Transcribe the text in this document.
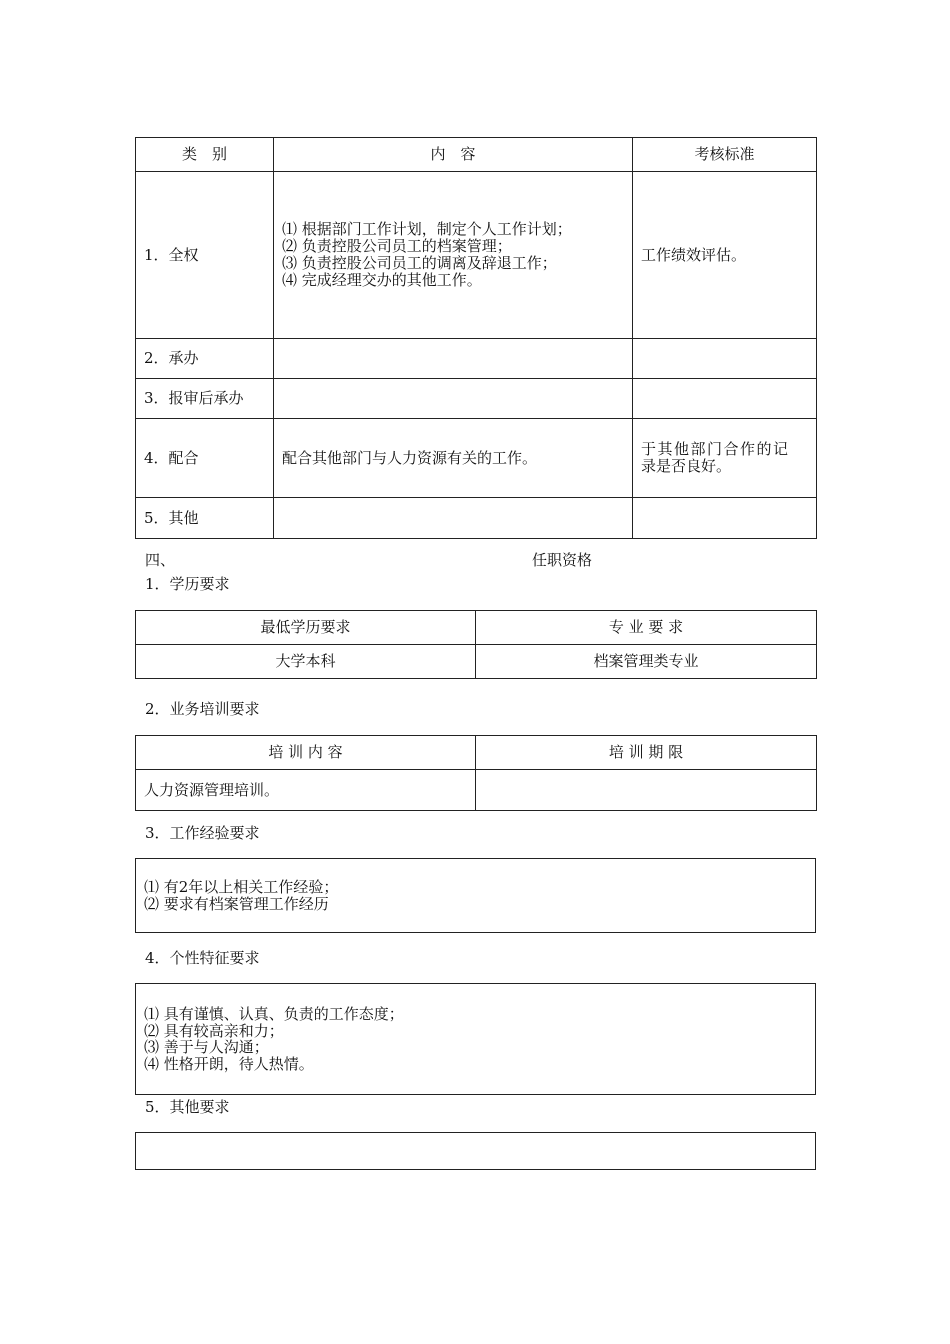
类　别	内　容	考核标准
1．全权	⑴ 根据部门工作计划，制定个人工作计划；
⑵ 负责控股公司员工的档案管理；
⑶ 负责控股公司员工的调离及辞退工作；
⑷ 完成经理交办的其他工作。	工作绩效评估。

2．承办		
3．报审后承办		
4．配合	配合其他部门与人力资源有关的工作。	于其他部门合作的记
录是否良好。

5．其他		
四、	任职资格
1．学历要求
最低学历要求	专 业 要 求
大学本科	档案管理类专业
2．业务培训要求
培 训 内 容	培 训 期 限
人力资源管理培训。	
3．工作经验要求
⑴ 有2年以上相关工作经验；
⑵ 要求有档案管理工作经历
4．个性特征要求
⑴ 具有谨慎、认真、负责的工作态度；
⑵ 具有较高亲和力；
⑶ 善于与人沟通；
⑷ 性格开朗，待人热情。
5．其他要求
